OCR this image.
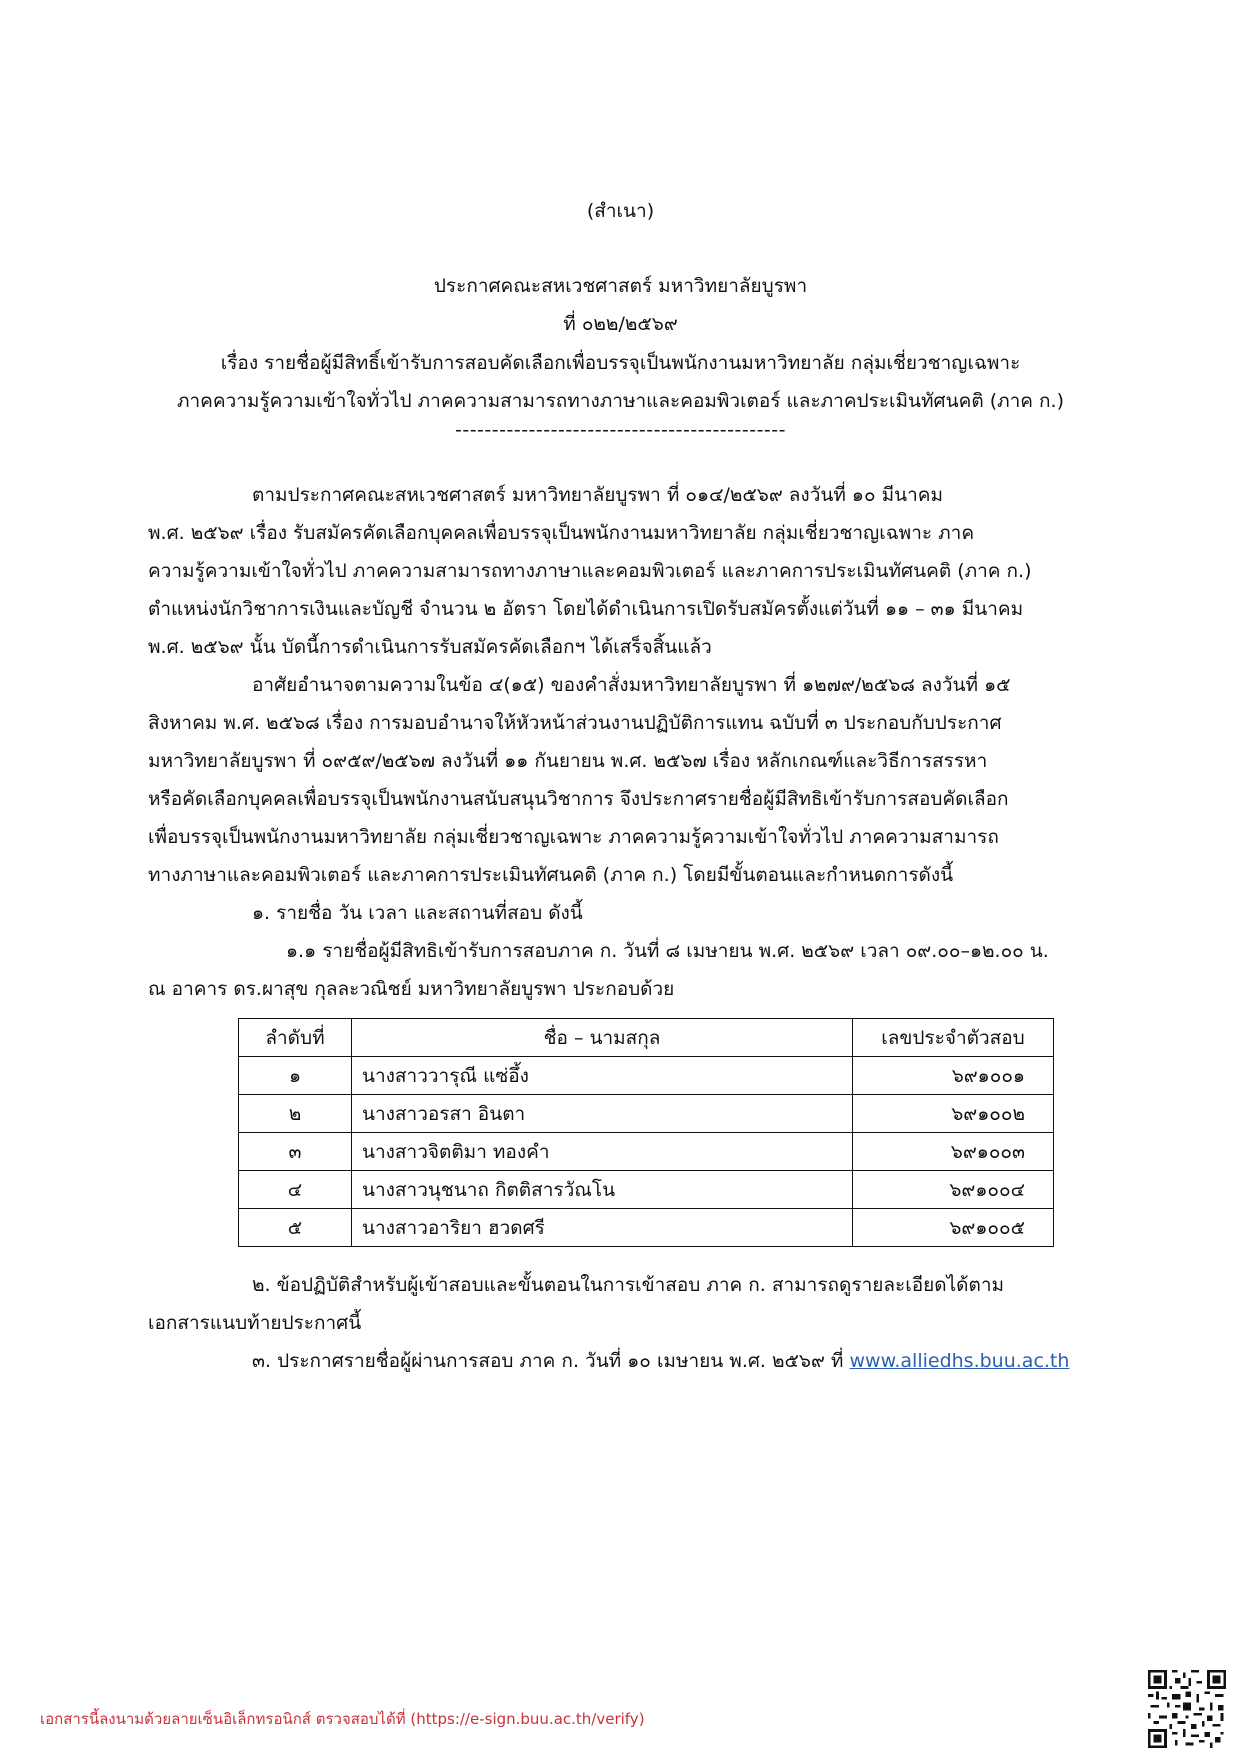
(สำเนา)
ประกาศคณะสหเวชศาสตร์ มหาวิทยาลัยบูรพา
ที่ ๐๒๒/๒๕๖๙
เรื่อง รายชื่อผู้มีสิทธิ์เข้ารับการสอบคัดเลือกเพื่อบรรจุเป็นพนักงานมหาวิทยาลัย กลุ่มเชี่ยวชาญเฉพาะ
ภาคความรู้ความเข้าใจทั่วไป ภาคความสามารถทางภาษาและคอมพิวเตอร์ และภาคประเมินทัศนคติ (ภาค ก.)
---------------------------------------------
ตามประกาศคณะสหเวชศาสตร์ มหาวิทยาลัยบูรพา ที่ ๐๑๔/๒๕๖๙ ลงวันที่ ๑๐ มีนาคม
พ.ศ. ๒๕๖๙ เรื่อง รับสมัครคัดเลือกบุคคลเพื่อบรรจุเป็นพนักงานมหาวิทยาลัย กลุ่มเชี่ยวชาญเฉพาะ ภาค
ความรู้ความเข้าใจทั่วไป ภาคความสามารถทางภาษาและคอมพิวเตอร์ และภาคการประเมินทัศนคติ (ภาค ก.)
ตำแหน่งนักวิชาการเงินและบัญชี จำนวน ๒ อัตรา โดยได้ดำเนินการเปิดรับสมัครตั้งแต่วันที่ ๑๑ – ๓๑ มีนาคม
พ.ศ. ๒๕๖๙ นั้น บัดนี้การดำเนินการรับสมัครคัดเลือกฯ ได้เสร็จสิ้นแล้ว
อาศัยอำนาจตามความในข้อ ๔(๑๕) ของคำสั่งมหาวิทยาลัยบูรพา ที่ ๑๒๗๙/๒๕๖๘ ลงวันที่ ๑๕
สิงหาคม พ.ศ. ๒๕๖๘ เรื่อง การมอบอำนาจให้หัวหน้าส่วนงานปฏิบัติการแทน ฉบับที่ ๓ ประกอบกับประกาศ
มหาวิทยาลัยบูรพา ที่ ๐๙๕๙/๒๕๖๗ ลงวันที่ ๑๑ กันยายน พ.ศ. ๒๕๖๗ เรื่อง หลักเกณฑ์และวิธีการสรรหา
หรือคัดเลือกบุคคลเพื่อบรรจุเป็นพนักงานสนับสนุนวิชาการ จึงประกาศรายชื่อผู้มีสิทธิเข้ารับการสอบคัดเลือก
เพื่อบรรจุเป็นพนักงานมหาวิทยาลัย กลุ่มเชี่ยวชาญเฉพาะ ภาคความรู้ความเข้าใจทั่วไป ภาคความสามารถ
ทางภาษาและคอมพิวเตอร์ และภาคการประเมินทัศนคติ (ภาค ก.) โดยมีขั้นตอนและกำหนดการดังนี้
๑. รายชื่อ วัน เวลา และสถานที่สอบ ดังนี้
๑.๑ รายชื่อผู้มีสิทธิเข้ารับการสอบภาค ก. วันที่ ๘ เมษายน พ.ศ. ๒๕๖๙ เวลา ๐๙.๐๐–๑๒.๐๐ น.
ณ อาคาร ดร.ผาสุข กุลละวณิชย์ มหาวิทยาลัยบูรพา ประกอบด้วย
ลำดับที่	ชื่อ – นามสกุล	เลขประจำตัวสอบ
๑	นางสาววารุณี แซ่อึ้ง	๖๙๑๐๐๑
๒	นางสาวอรสา อินตา	๖๙๑๐๐๒
๓	นางสาวจิตติมา ทองคำ	๖๙๑๐๐๓
๔	นางสาวนุชนาถ กิตติสารวัณโน	๖๙๑๐๐๔
๕	นางสาวอาริยา ฮวดศรี	๖๙๑๐๐๕
๒. ข้อปฏิบัติสำหรับผู้เข้าสอบและขั้นตอนในการเข้าสอบ ภาค ก. สามารถดูรายละเอียดได้ตาม
เอกสารแนบท้ายประกาศนี้
๓. ประกาศรายชื่อผู้ผ่านการสอบ ภาค ก. วันที่ ๑๐ เมษายน พ.ศ. ๒๕๖๙ ที่ www.alliedhs.buu.ac.th
เอกสารนี้ลงนามด้วยลายเซ็นอิเล็กทรอนิกส์ ตรวจสอบได้ที่ (https://e-sign.buu.ac.th/verify)
